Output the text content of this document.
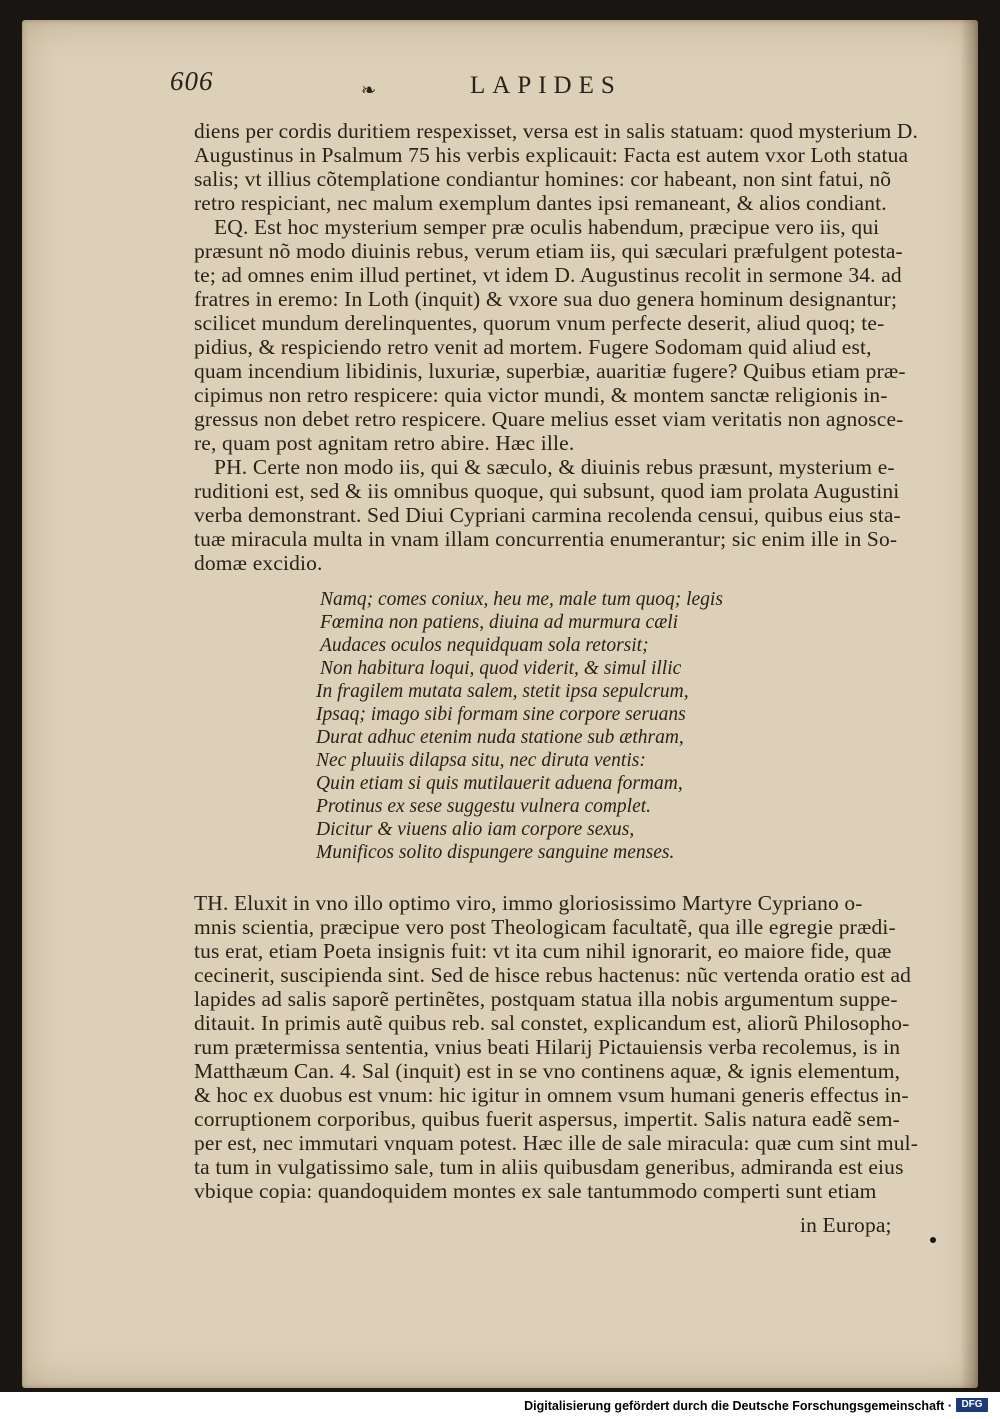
606	❧	LAPIDES
diens per cordis duritiem respexisset, versa est in salis statuam: quod mysterium D.
Augustinus in Psalmum 75 his verbis explicauit: Facta est autem vxor Loth statua
salis; vt illius cõtemplatione condiantur homines: cor habeant, non sint fatui, nõ
retro respiciant, nec malum exemplum dantes ipsi remaneant, & alios condiant.
EQ. Est hoc mysterium semper præ oculis habendum, præcipue vero iis, qui
præsunt nõ modo diuinis rebus, verum etiam iis, qui sæculari præfulgent potesta-
te; ad omnes enim illud pertinet, vt idem D. Augustinus recolit in sermone 34. ad
fratres in eremo: In Loth (inquit) & vxore sua duo genera hominum designantur;
scilicet mundum derelinquentes, quorum vnum perfecte deserit, aliud quoq; te-
pidius, & respiciendo retro venit ad mortem. Fugere Sodomam quid aliud est,
quam incendium libidinis, luxuriæ, superbiæ, auaritiæ fugere? Quibus etiam præ-
cipimus non retro respicere: quia victor mundi, & montem sanctæ religionis in-
gressus non debet retro respicere. Quare melius esset viam veritatis non agnosce-
re, quam post agnitam retro abire. Hæc ille.
PH. Certe non modo iis, qui & sæculo, & diuinis rebus præsunt, mysterium e-
ruditioni est, sed & iis omnibus quoque, qui subsunt, quod iam prolata Augustini
verba demonstrant. Sed Diui Cypriani carmina recolenda censui, quibus eius sta-
tuæ miracula multa in vnam illam concurrentia enumerantur; sic enim ille in So-
domæ excidio.
Namq; comes coniux, heu me, male tum quoq; legis
Fœmina non patiens, diuina ad murmura cæli
Audaces oculos nequidquam sola retorsit;
Non habitura loqui, quod viderit, & simul illic
In fragilem mutata salem, stetit ipsa sepulcrum,
Ipsaq; imago sibi formam sine corpore seruans
Durat adhuc etenim nuda statione sub æthram,
Nec pluuiis dilapsa situ, nec diruta ventis:
Quin etiam si quis mutilauerit aduena formam,
Protinus ex sese suggestu vulnera complet.
Dicitur & viuens alio iam corpore sexus,
Munificos solito dispungere sanguine menses.
TH. Eluxit in vno illo optimo viro, immo gloriosissimo Martyre Cypriano o-
mnis scientia, præcipue vero post Theologicam facultatẽ, qua ille egregie prædi-
tus erat, etiam Poeta insignis fuit: vt ita cum nihil ignorarit, eo maiore fide, quæ
cecinerit, suscipienda sint. Sed de hisce rebus hactenus: nũc vertenda oratio est ad
lapides ad salis saporẽ pertinẽtes, postquam statua illa nobis argumentum suppe-
ditauit. In primis autẽ quibus reb. sal constet, explicandum est, aliorũ Philosopho-
rum prætermissa sententia, vnius beati Hilarij Pictauiensis verba recolemus, is in
Matthæum Can. 4. Sal (inquit) est in se vno continens aquæ, & ignis elementum,
& hoc ex duobus est vnum: hic igitur in omnem vsum humani generis effectus in-
corruptionem corporibus, quibus fuerit aspersus, impertit. Salis natura eadẽ sem-
per est, nec immutari vnquam potest. Hæc ille de sale miracula: quæ cum sint mul-
ta tum in vulgatissimo sale, tum in aliis quibusdam generibus, admiranda est eius
vbique copia: quandoquidem montes ex sale tantummodo comperti sunt etiam
in Europa;
Digitalisierung gefördert durch die Deutsche Forschungsgemeinschaft · DFG
